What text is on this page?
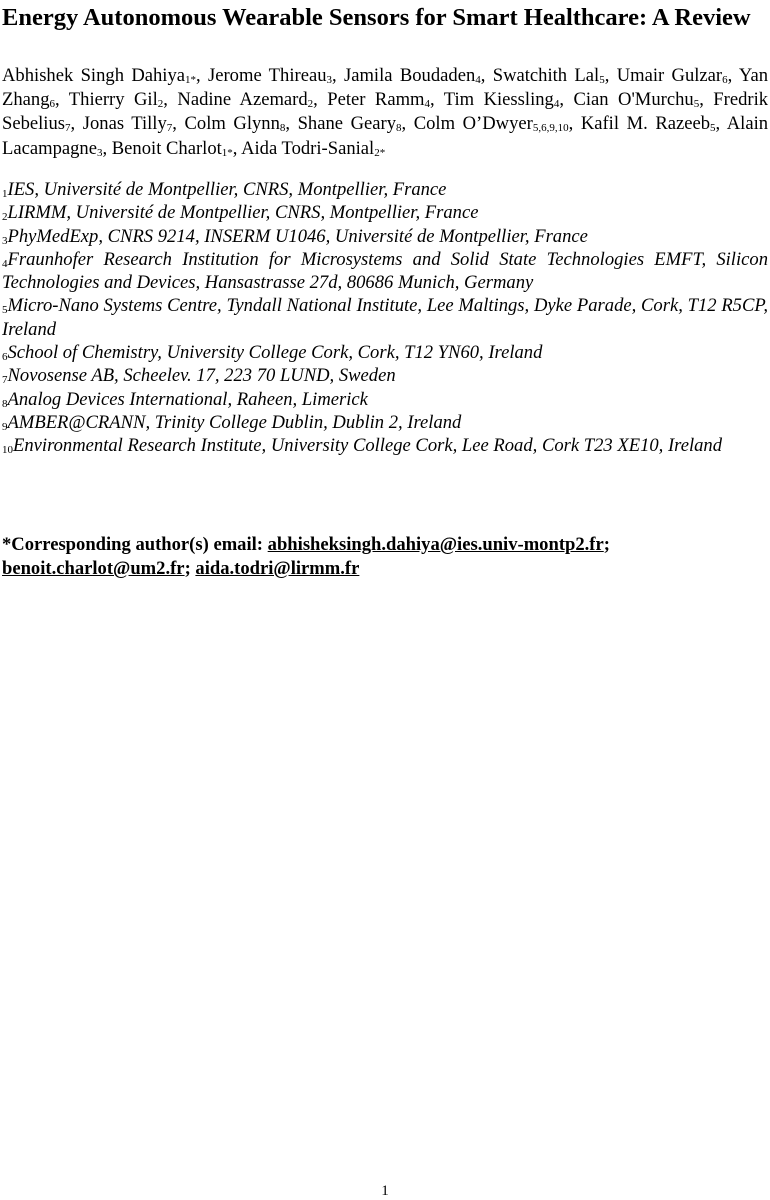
Energy Autonomous Wearable Sensors for Smart Healthcare: A Review
Abhishek Singh Dahiya$_{1*}$, Jerome Thireau$_3$, Jamila Boudaden$_4$, Swatchith Lal$_5$, Umair Gulzar$_6$, Yan Zhang$_6$, Thierry Gil$_2$, Nadine Azemard$_2$, Peter Ramm$_4$, Tim Kiessling$_4$, Cian O'Murchu$_5$, Fredrik Sebelius$_7$, Jonas Tilly$_7$, Colm Glynn$_8$, Shane Geary$_8$, Colm O’Dwyer$_{5,6,9,10}$, Kafil M. Razeeb$_5$, Alain Lacampagne$_3$, Benoit Charlot$_{1*}$, Aida Todri-Sanial$_{2*}$
$_1$IES, Université de Montpellier, CNRS, Montpellier, France
$_2$LIRMM, Université de Montpellier, CNRS, Montpellier, France
$_3$PhyMedExp, CNRS 9214, INSERM U1046, Université de Montpellier, France
$_4$Fraunhofer Research Institution for Microsystems and Solid State Technologies EMFT, Silicon Technologies and Devices, Hansastrasse 27d, 80686 Munich, Germany
$_5$Micro-Nano Systems Centre, Tyndall National Institute, Lee Maltings, Dyke Parade, Cork, T12 R5CP, Ireland
$_6$School of Chemistry, University College Cork, Cork, T12 YN60, Ireland
$_7$Novosense AB, Scheelev. 17, 223 70 LUND, Sweden
$_8$Analog Devices International, Raheen, Limerick
$_9$AMBER@CRANN, Trinity College Dublin, Dublin 2, Ireland
$_{10}$Environmental Research Institute, University College Cork, Lee Road, Cork T23 XE10, Ireland
*Corresponding author(s) email: abhisheksingh.dahiya@ies.univ-montp2.fr; benoit.charlot@um2.fr; aida.todri@lirmm.fr
1
